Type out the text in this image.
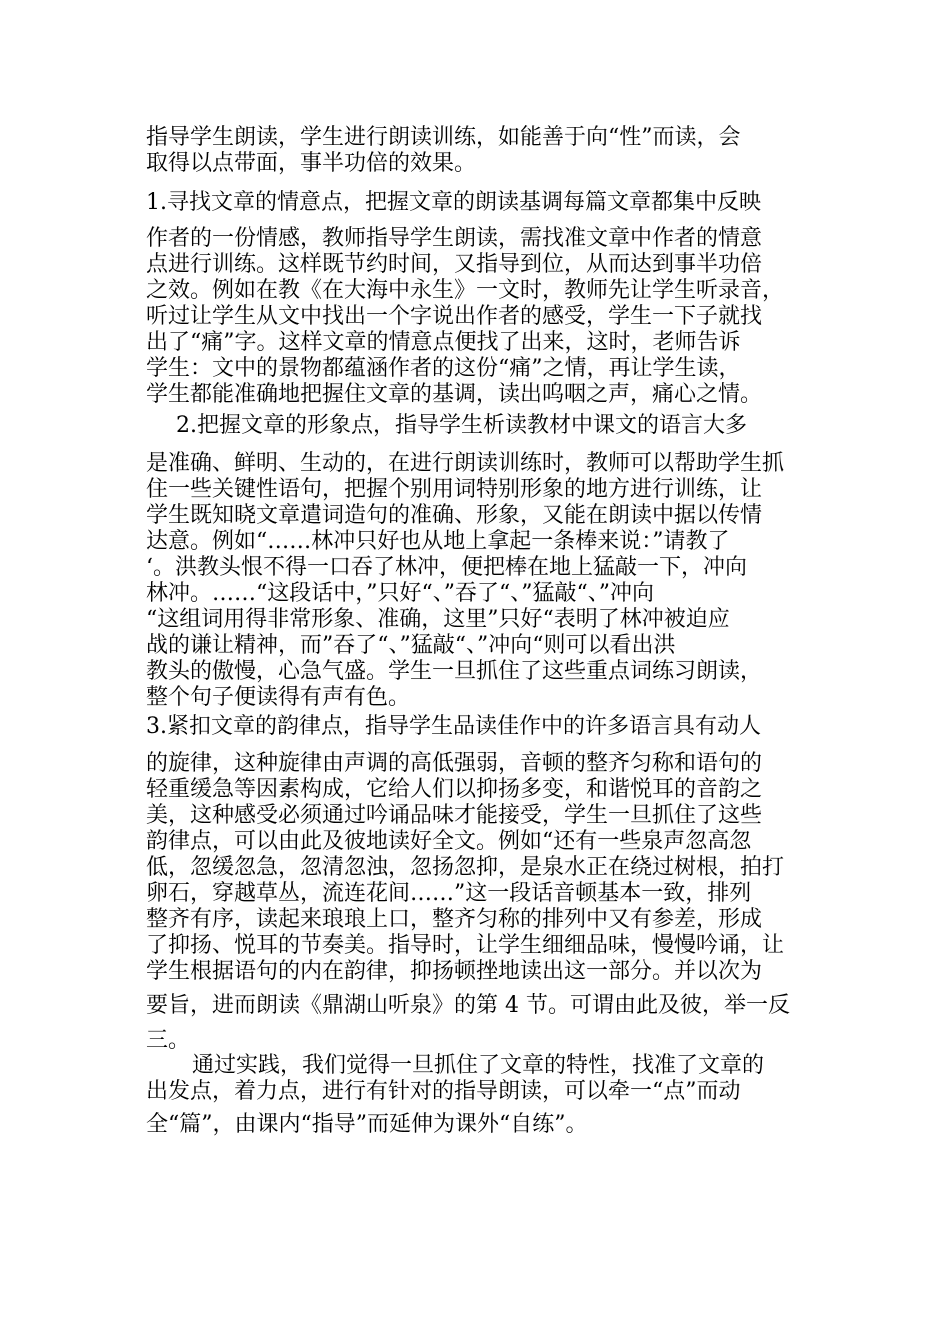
指导学生朗读，学生进行朗读训练，如能善于向“性”而读，会
取得以点带面，事半功倍的效果。
1.寻找文章的情意点，把握文章的朗读基调每篇文章都集中反映
作者的一份情感，教师指导学生朗读，需找准文章中作者的情意
点进行训练。这样既节约时间，又指导到位，从而达到事半功倍
之效。例如在教《在大海中永生》一文时，教师先让学生听录音，
听过让学生从文中找出一个字说出作者的感受，学生一下子就找
出了“痛”字。这样文章的情意点便找了出来，这时，老师告诉
学生：文中的景物都蕴涵作者的这份“痛”之情，再让学生读，
学生都能准确地把握住文章的基调，读出呜咽之声，痛心之情。
2.把握文章的形象点，指导学生析读教材中课文的语言大多
是准确、鲜明、生动的，在进行朗读训练时，教师可以帮助学生抓
住一些关键性语句，把握个别用词特别形象的地方进行训练，让
学生既知晓文章遣词造句的准确、形象，又能在朗读中据以传情
达意。例如“……林冲只好也从地上拿起一条棒来说：”请教了
‘。洪教头恨不得一口吞了林冲，便把棒在地上猛敲一下，冲向
林冲。……“这段话中，”只好“、”吞了“、”猛敲“、”冲向
“这组词用得非常形象、准确，这里”只好“表明了林冲被迫应
战的谦让精神，而”吞了“、”猛敲“、”冲向“则可以看出洪
教头的傲慢，心急气盛。学生一旦抓住了这些重点词练习朗读，
整个句子便读得有声有色。
3.紧扣文章的韵律点，指导学生品读佳作中的许多语言具有动人
的旋律，这种旋律由声调的高低强弱，音顿的整齐匀称和语句的
轻重缓急等因素构成，它给人们以抑扬多变，和谐悦耳的音韵之
美，这种感受必须通过吟诵品味才能接受，学生一旦抓住了这些
韵律点，可以由此及彼地读好全文。例如“还有一些泉声忽高忽
低，忽缓忽急，忽清忽浊，忽扬忽抑，是泉水正在绕过树根，拍打
卵石，穿越草丛，流连花间……”这一段话音顿基本一致，排列
整齐有序，读起来琅琅上口，整齐匀称的排列中又有参差，形成
了抑扬、悦耳的节奏美。指导时，让学生细细品味，慢慢吟诵，让
学生根据语句的内在韵律，抑扬顿挫地读出这一部分。并以次为
要旨，进而朗读《鼎湖山听泉》的第 4 节。可谓由此及彼，举一反
三。
通过实践，我们觉得一旦抓住了文章的特性，找准了文章的
出发点，着力点，进行有针对的指导朗读，可以牵一“点”而动
全“篇”，由课内“指导”而延伸为课外“自练”。
